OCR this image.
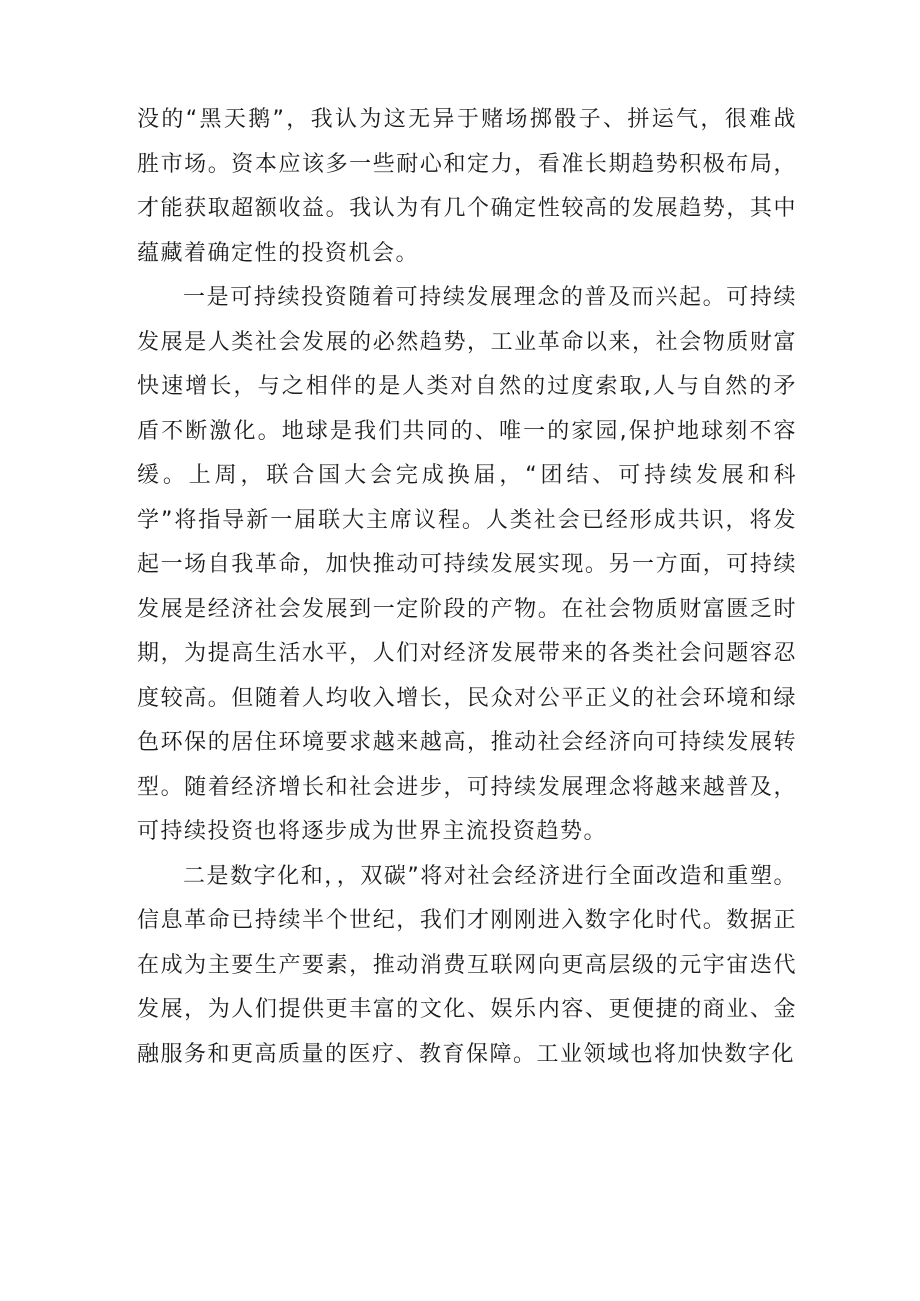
没的“黑天鹅”，我认为这无异于赌场掷骰子、拼运气，很难战胜市场。资本应该多一些耐心和定力，看准长期趋势积极布局，才能获取超额收益。我认为有几个确定性较高的发展趋势，其中蕴藏着确定性的投资机会。

一是可持续投资随着可持续发展理念的普及而兴起。可持续发展是人类社会发展的必然趋势，工业革命以来，社会物质财富快速增长，与之相伴的是人类对自然的过度索取,人与自然的矛盾不断激化。地球是我们共同的、唯一的家园,保护地球刻不容缓。上周，联合国大会完成换届，“团结、可持续发展和科学”将指导新一届联大主席议程。人类社会已经形成共识，将发起一场自我革命，加快推动可持续发展实现。另一方面，可持续发展是经济社会发展到一定阶段的产物。在社会物质财富匮乏时期，为提高生活水平，人们对经济发展带来的各类社会问题容忍度较高。但随着人均收入增长，民众对公平正义的社会环境和绿色环保的居住环境要求越来越高，推动社会经济向可持续发展转型。随着经济增长和社会进步，可持续发展理念将越来越普及，可持续投资也将逐步成为世界主流投资趋势。

二是数字化和，，双碳”将对社会经济进行全面改造和重塑。信息革命已持续半个世纪，我们才刚刚进入数字化时代。数据正在成为主要生产要素，推动消费互联网向更高层级的元宇宙迭代发展，为人们提供更丰富的文化、娱乐内容、更便捷的商业、金融服务和更高质量的医疗、教育保障。工业领域也将加快数字化
